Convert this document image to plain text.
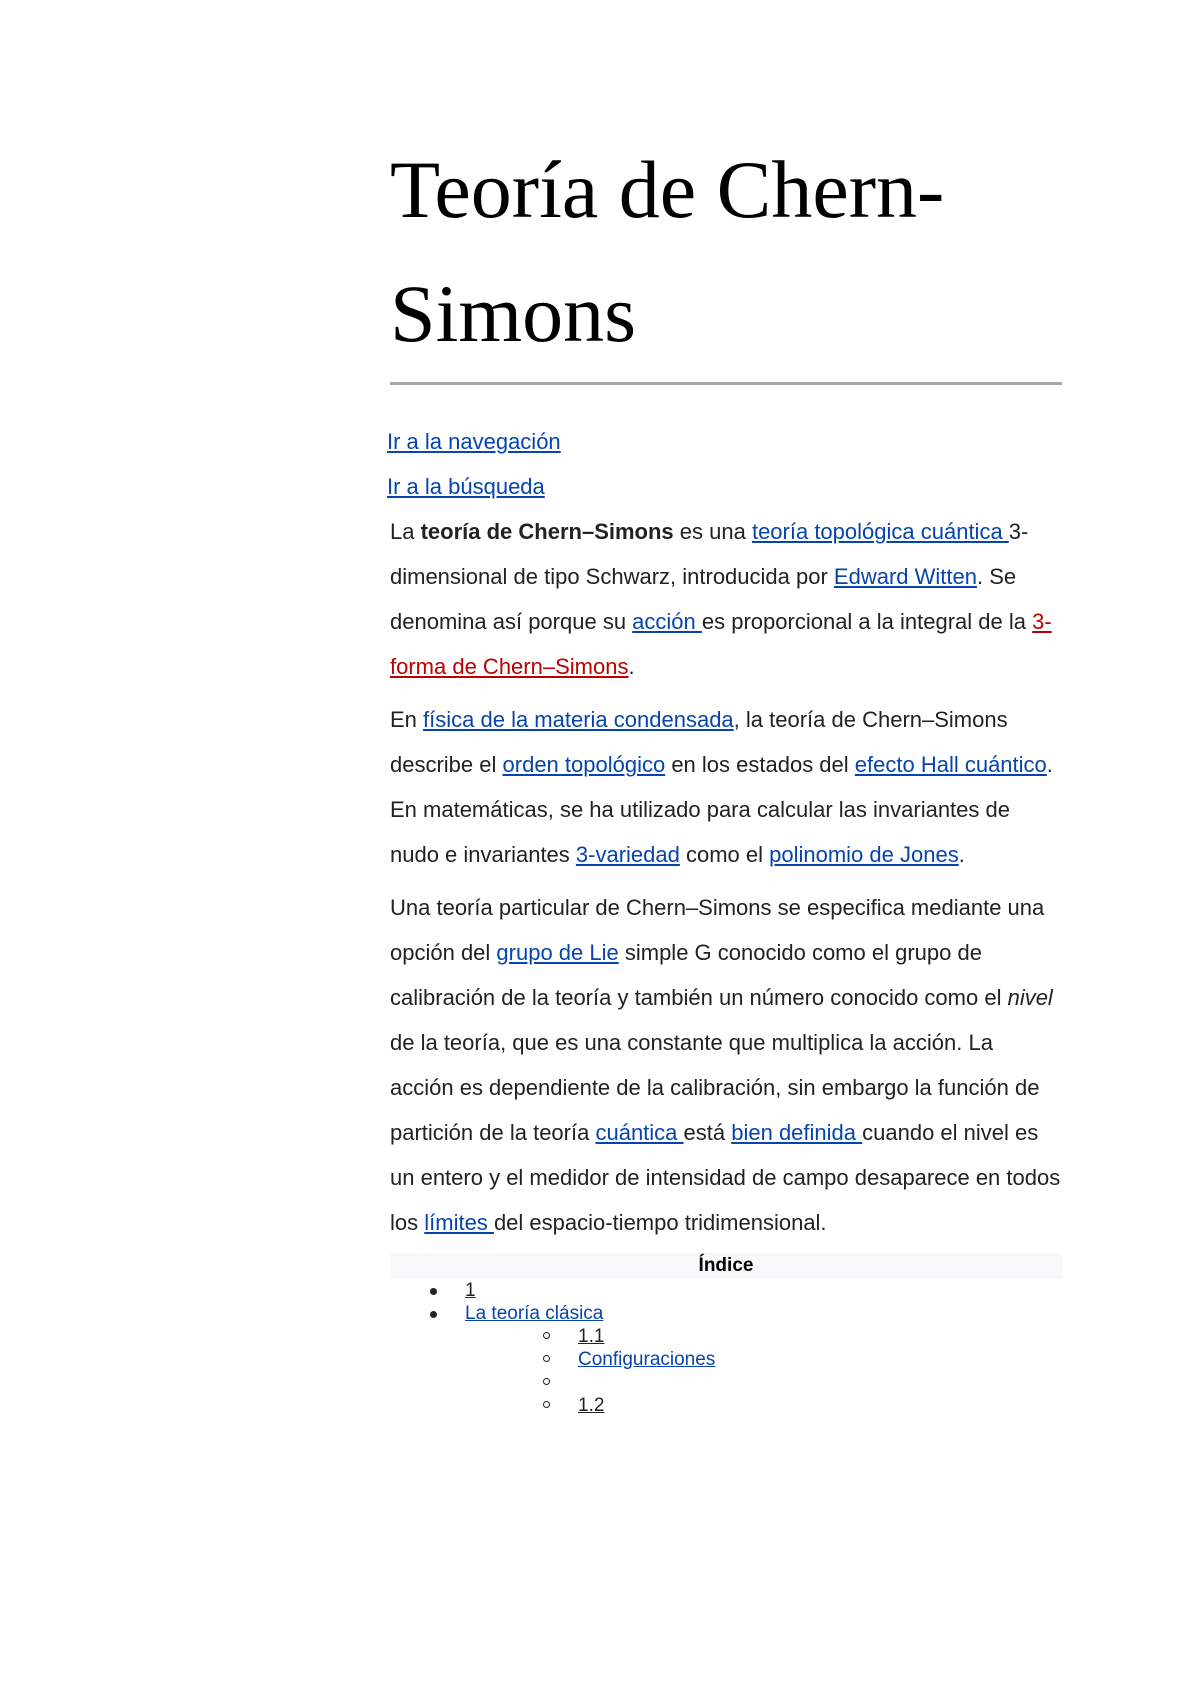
Teoría de Chern-Simons
Ir a la navegación
Ir a la búsqueda

La teoría de Chern–Simons es una teoría topológica cuántica 3-dimensional de tipo Schwarz, introducida por Edward Witten. Se denomina así porque su acción es proporcional a la integral de la 3-forma de Chern–Simons.

En física de la materia condensada, la teoría de Chern–Simons describe el orden topológico en los estados del efecto Hall cuántico. En matemáticas, se ha utilizado para calcular las invariantes de nudo e invariantes 3-variedad como el polinomio de Jones.

Una teoría particular de Chern–Simons se especifica mediante una opción del grupo de Lie simple G conocido como el grupo de calibración de la teoría y también un número conocido como el nivel de la teoría, que es una constante que multiplica la acción. La acción es dependiente de la calibración, sin embargo la función de partición de la teoría cuántica está bien definida cuando el nivel es un entero y el medidor de intensidad de campo desaparece en todos los límites del espacio-tiempo tridimensional.

Índice
1
La teoría clásica
1.1
Configuraciones
1.2
